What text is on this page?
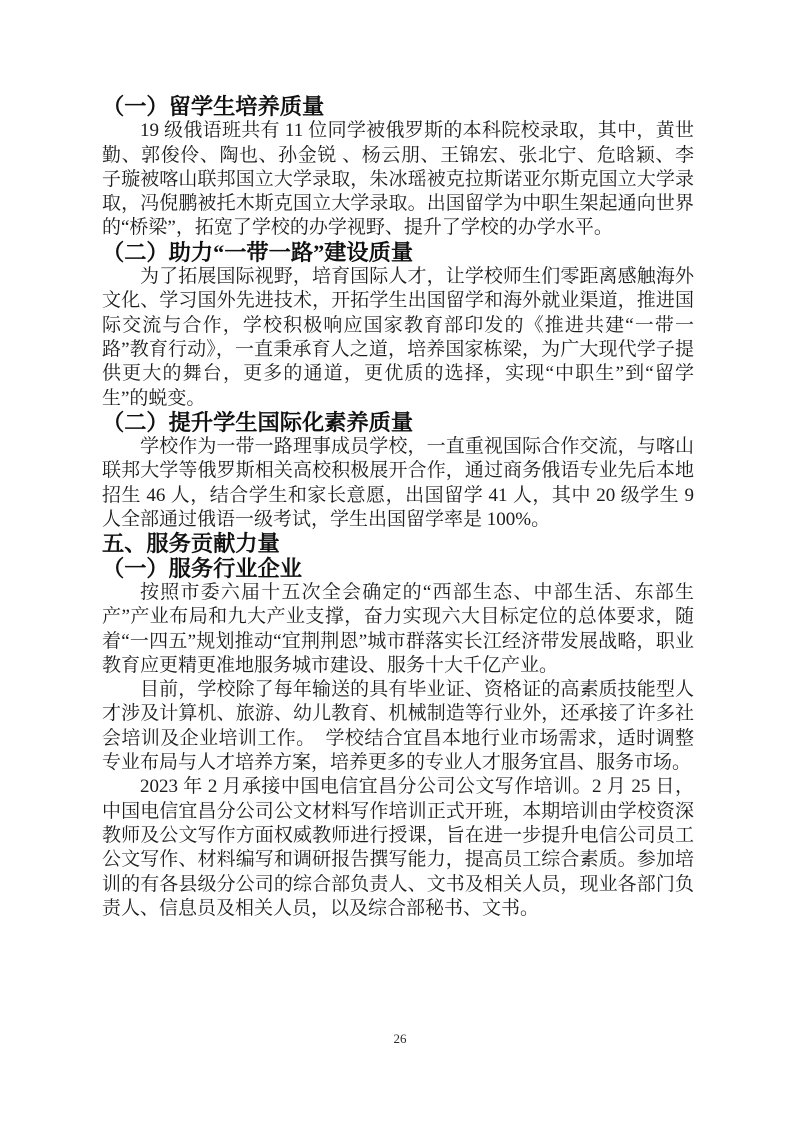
（一）留学生培养质量

19 级俄语班共有 11 位同学被俄罗斯的本科院校录取，其中，黄世勤、郭俊伶、陶也、孙金锐 、杨云朋、王锦宏、张北宁、危晗颖、李子璇被喀山联邦国立大学录取，朱冰瑶被克拉斯诺亚尔斯克国立大学录取，冯倪鹏被托木斯克国立大学录取。出国留学为中职生架起通向世界的“桥梁”，拓宽了学校的办学视野、提升了学校的办学水平。

（二）助力“一带一路”建设质量

为了拓展国际视野，培育国际人才，让学校师生们零距离感触海外文化、学习国外先进技术，开拓学生出国留学和海外就业渠道，推进国际交流与合作，学校积极响应国家教育部印发的《推进共建“一带一路”教育行动》，一直秉承育人之道，培养国家栋梁，为广大现代学子提供更大的舞台，更多的通道，更优质的选择，实现“中职生”到“留学生”的蜕变。

（二）提升学生国际化素养质量

学校作为一带一路理事成员学校，一直重视国际合作交流，与喀山联邦大学等俄罗斯相关高校积极展开合作，通过商务俄语专业先后本地招生 46 人，结合学生和家长意愿，出国留学 41 人，其中 20 级学生 9 人全部通过俄语一级考试，学生出国留学率是 100%。

五、服务贡献力量
（一）服务行业企业

按照市委六届十五次全会确定的“西部生态、中部生活、东部生产”产业布局和九大产业支撑，奋力实现六大目标定位的总体要求，随着“一四五”规划推动“宜荆荆恩”城市群落实长江经济带发展战略，职业教育应更精更准地服务城市建设、服务十大千亿产业。

目前，学校除了每年输送的具有毕业证、资格证的高素质技能型人才涉及计算机、旅游、幼儿教育、机械制造等行业外，还承接了许多社会培训及企业培训工作。　学校结合宜昌本地行业市场需求，适时调整专业布局与人才培养方案，培养更多的专业人才服务宜昌、服务市场。

2023 年 2 月承接中国电信宜昌分公司公文写作培训。2 月 25 日，中国电信宜昌分公司公文材料写作培训正式开班，本期培训由学校资深教师及公文写作方面权威教师进行授课，旨在进一步提升电信公司员工公文写作、材料编写和调研报告撰写能力，提高员工综合素质。参加培训的有各县级分公司的综合部负责人、文书及相关人员，现业各部门负责人、信息员及相关人员，以及综合部秘书、文书。

26
